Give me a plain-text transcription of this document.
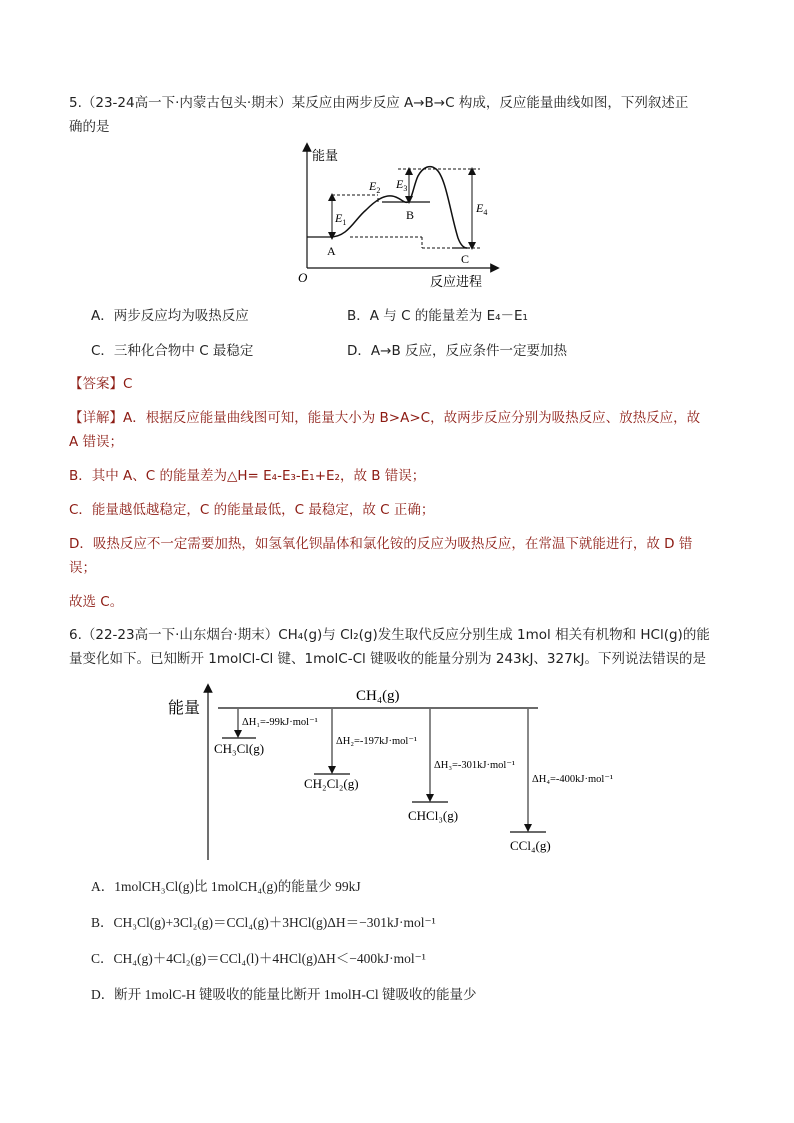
5.（23-24高一下·内蒙古包头·期末）某反应由两步反应 A→B→C 构成，反应能量曲线如图，下列叙述正
确的是
能量
反应进程
O
$E_1$
$E_2$ $E_3$
$E_4$
A
B
C
A．两步反应均为吸热反应	B．A 与 C 的能量差为 E₄－E₁
C．三种化合物中 C 最稳定	D．A→B 反应，反应条件一定要加热
【答案】C
【详解】A．根据反应能量曲线图可知，能量大小为 B>A>C，故两步反应分别为吸热反应、放热反应，故
A 错误；
B．其中 A、C 的能量差为△H= E₄-E₃-E₁+E₂，故 B 错误；
C．能量越低越稳定，C 的能量最低，C 最稳定，故 C 正确；
D．吸热反应不一定需要加热，如氢氧化钡晶体和氯化铵的反应为吸热反应，在常温下就能进行，故 D 错
误；
故选 C。
6.（22-23高一下·山东烟台·期末）CH₄(g)与 Cl₂(g)发生取代反应分别生成 1mol 相关有机物和 HCl(g)的能
量变化如下。已知断开 1molCl-Cl 键、1molC-Cl 键吸收的能量分别为 243kJ、327kJ。下列说法错误的是
能量
CH₄(g)
ΔH₁=-99kJ·mol⁻¹
CH₃Cl(g)	ΔH₂=-197kJ·mol⁻¹
CH₂Cl₂(g)
ΔH₃=-301kJ·mol⁻¹
CHCl₃(g)
ΔH₄=-400kJ·mol⁻¹
CCl₄(g)
A．1molCH₃Cl(g)比 1molCH₄(g)的能量少 99kJ
B．CH₃Cl(g)+3Cl₂(g)＝CCl₄(g)＋3HCl(g)ΔH＝−301kJ·mol⁻¹
C．CH₄(g)＋4Cl₂(g)＝CCl₄(l)＋4HCl(g)ΔH＜−400kJ·mol⁻¹
D．断开 1molC-H 键吸收的能量比断开 1molH-Cl 键吸收的能量少
